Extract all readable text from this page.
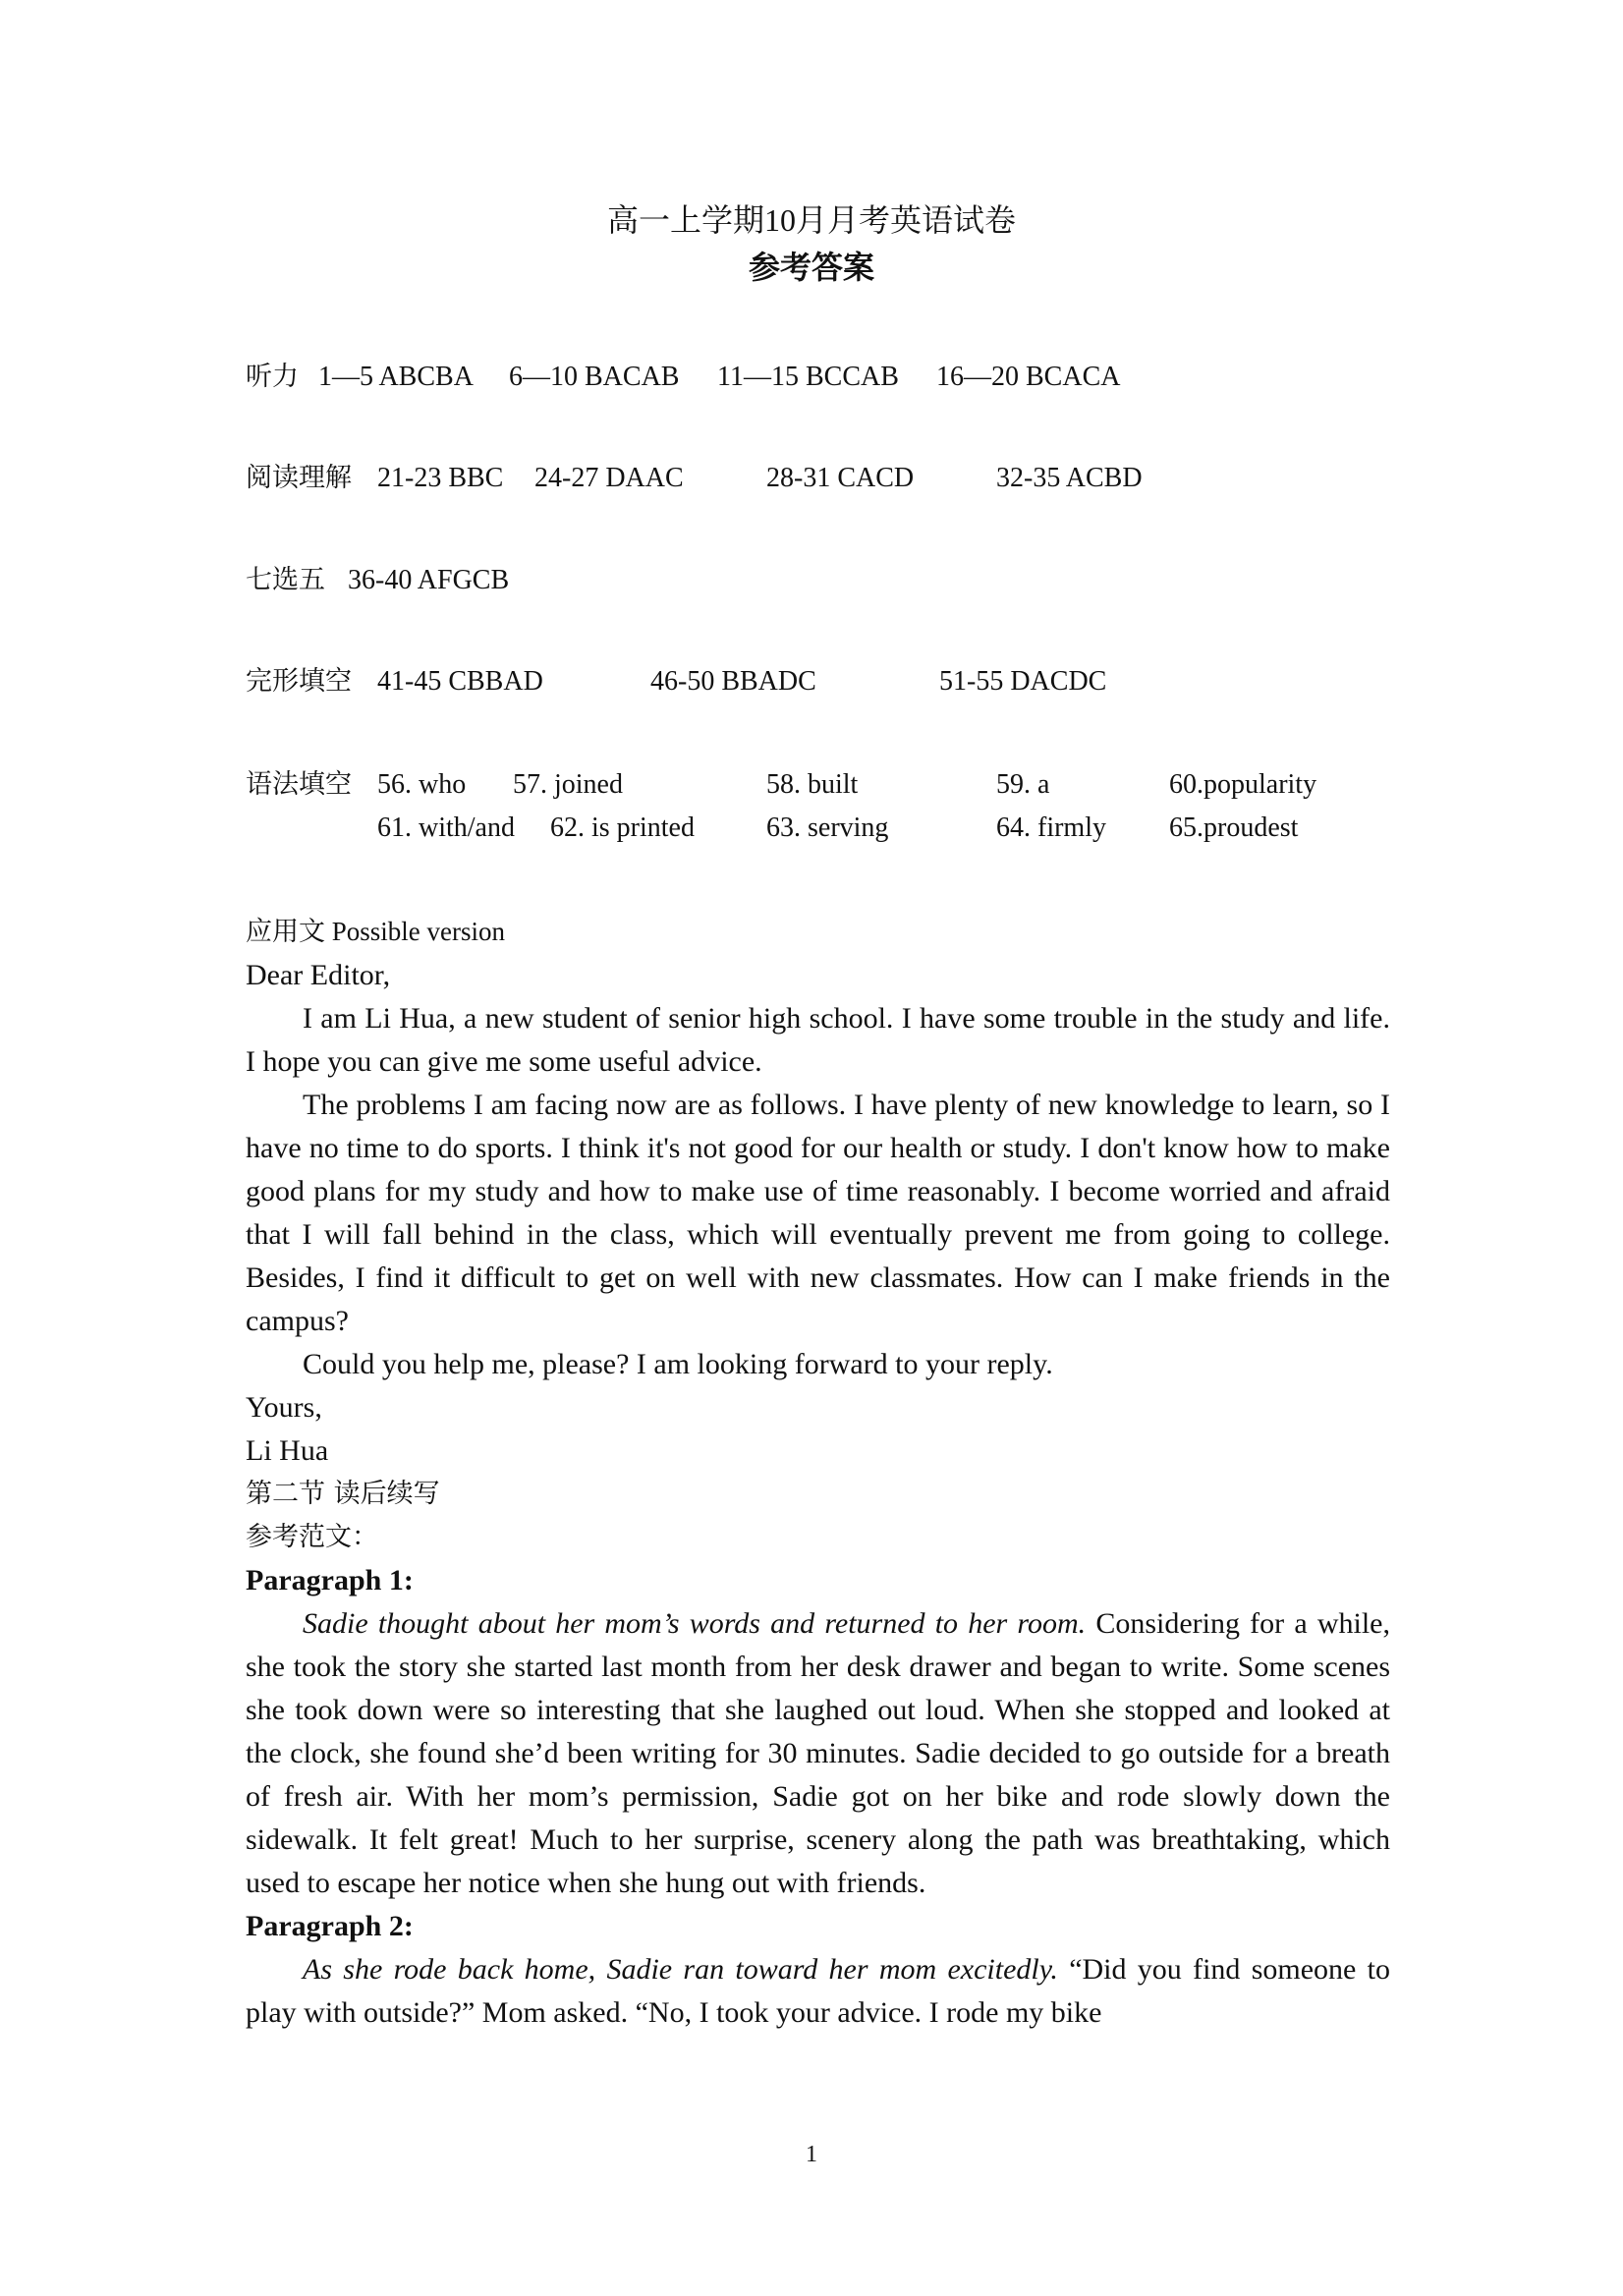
高一上学期10月月考英语试卷
参考答案
听力 1—5 ABCBA 6—10 BACAB 11—15 BCCAB 16—20 BCACA
阅读理解 21-23 BBC 24-27 DAAC	28-31 CACD	32-35 ACBD
七选五 36-40 AFGCB
完形填空 41-45 CBBAD	46-50 BBADC	51-55 DACDC
语法填空 56. who 57. joined	58. built	59. a	60.popularity
61. with/and 62. is printed	63. serving	64. firmly 65.proudest

应用文 Possible version

Dear Editor,

I am Li Hua, a new student of senior high school. I have some trouble in the study and life. I hope you can give me some useful advice.

The problems I am facing now are as follows. I have plenty of new knowledge to learn, so I have no time to do sports. I think it's not good for our health or study. I don't know how to make good plans for my study and how to make use of time reasonably. I become worried and afraid that I will fall behind in the class, which will eventually prevent me from going to college. Besides, I find it difficult to get on well with new classmates. How can I make friends in the campus?

Could you help me, please? I am looking forward to your reply.

Yours,

Li Hua

第二节 读后续写

参考范文：

Paragraph 1:

Sadie thought about her mom’s words and returned to her room. Considering for a while, she took the story she started last month from her desk drawer and began to write. Some scenes she took down were so interesting that she laughed out loud. When she stopped and looked at the clock, she found she’d been writing for 30 minutes. Sadie decided to go outside for a breath of fresh air. With her mom’s permission, Sadie got on her bike and rode slowly down the sidewalk. It felt great! Much to her surprise, scenery along the path was breathtaking, which used to escape her notice when she hung out with friends.

Paragraph 2:

As she rode back home, Sadie ran toward her mom excitedly. “Did you find someone to play with outside?” Mom asked. “No, I took your advice. I rode my bike

1
